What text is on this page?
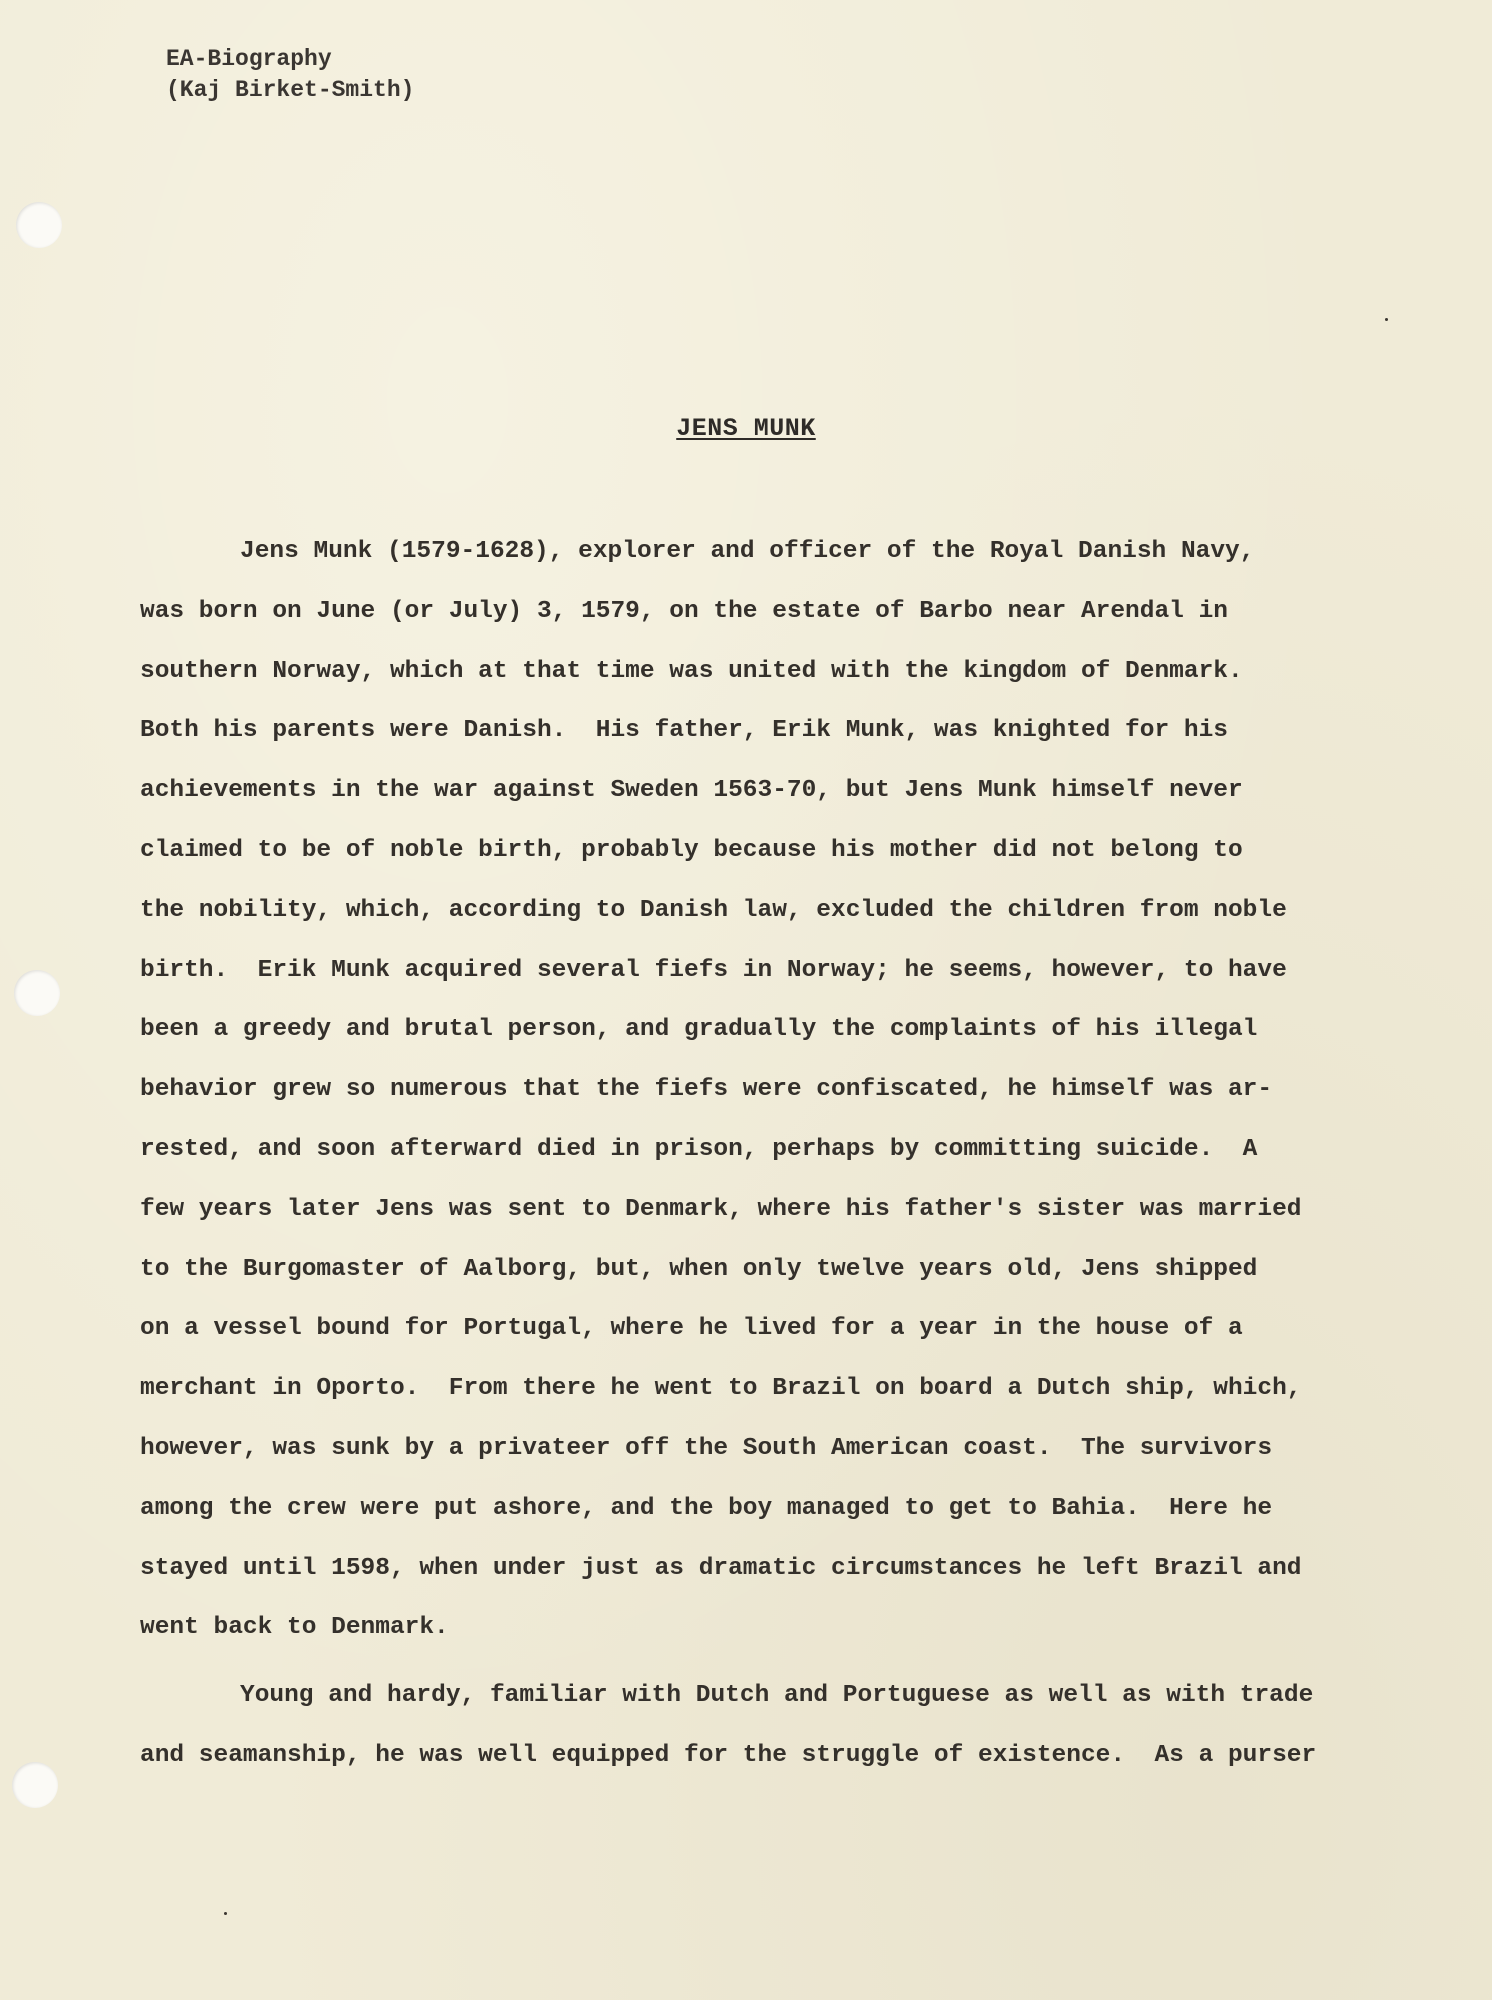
EA-Biography
(Kaj Birket-Smith)
JENS MUNK
Jens Munk (1579-1628), explorer and officer of the Royal Danish Navy,
was born on June (or July) 3, 1579, on the estate of Barbo near Arendal in
southern Norway, which at that time was united with the kingdom of Denmark.
Both his parents were Danish.  His father, Erik Munk, was knighted for his
achievements in the war against Sweden 1563-70, but Jens Munk himself never
claimed to be of noble birth, probably because his mother did not belong to
the nobility, which, according to Danish law, excluded the children from noble
birth.  Erik Munk acquired several fiefs in Norway; he seems, however, to have
been a greedy and brutal person, and gradually the complaints of his illegal
behavior grew so numerous that the fiefs were confiscated, he himself was ar-
rested, and soon afterward died in prison, perhaps by committing suicide.  A
few years later Jens was sent to Denmark, where his father's sister was married
to the Burgomaster of Aalborg, but, when only twelve years old, Jens shipped
on a vessel bound for Portugal, where he lived for a year in the house of a
merchant in Oporto.  From there he went to Brazil on board a Dutch ship, which,
however, was sunk by a privateer off the South American coast.  The survivors
among the crew were put ashore, and the boy managed to get to Bahia.  Here he
stayed until 1598, when under just as dramatic circumstances he left Brazil and
went back to Denmark.
Young and hardy, familiar with Dutch and Portuguese as well as with trade
and seamanship, he was well equipped for the struggle of existence.  As a purser
